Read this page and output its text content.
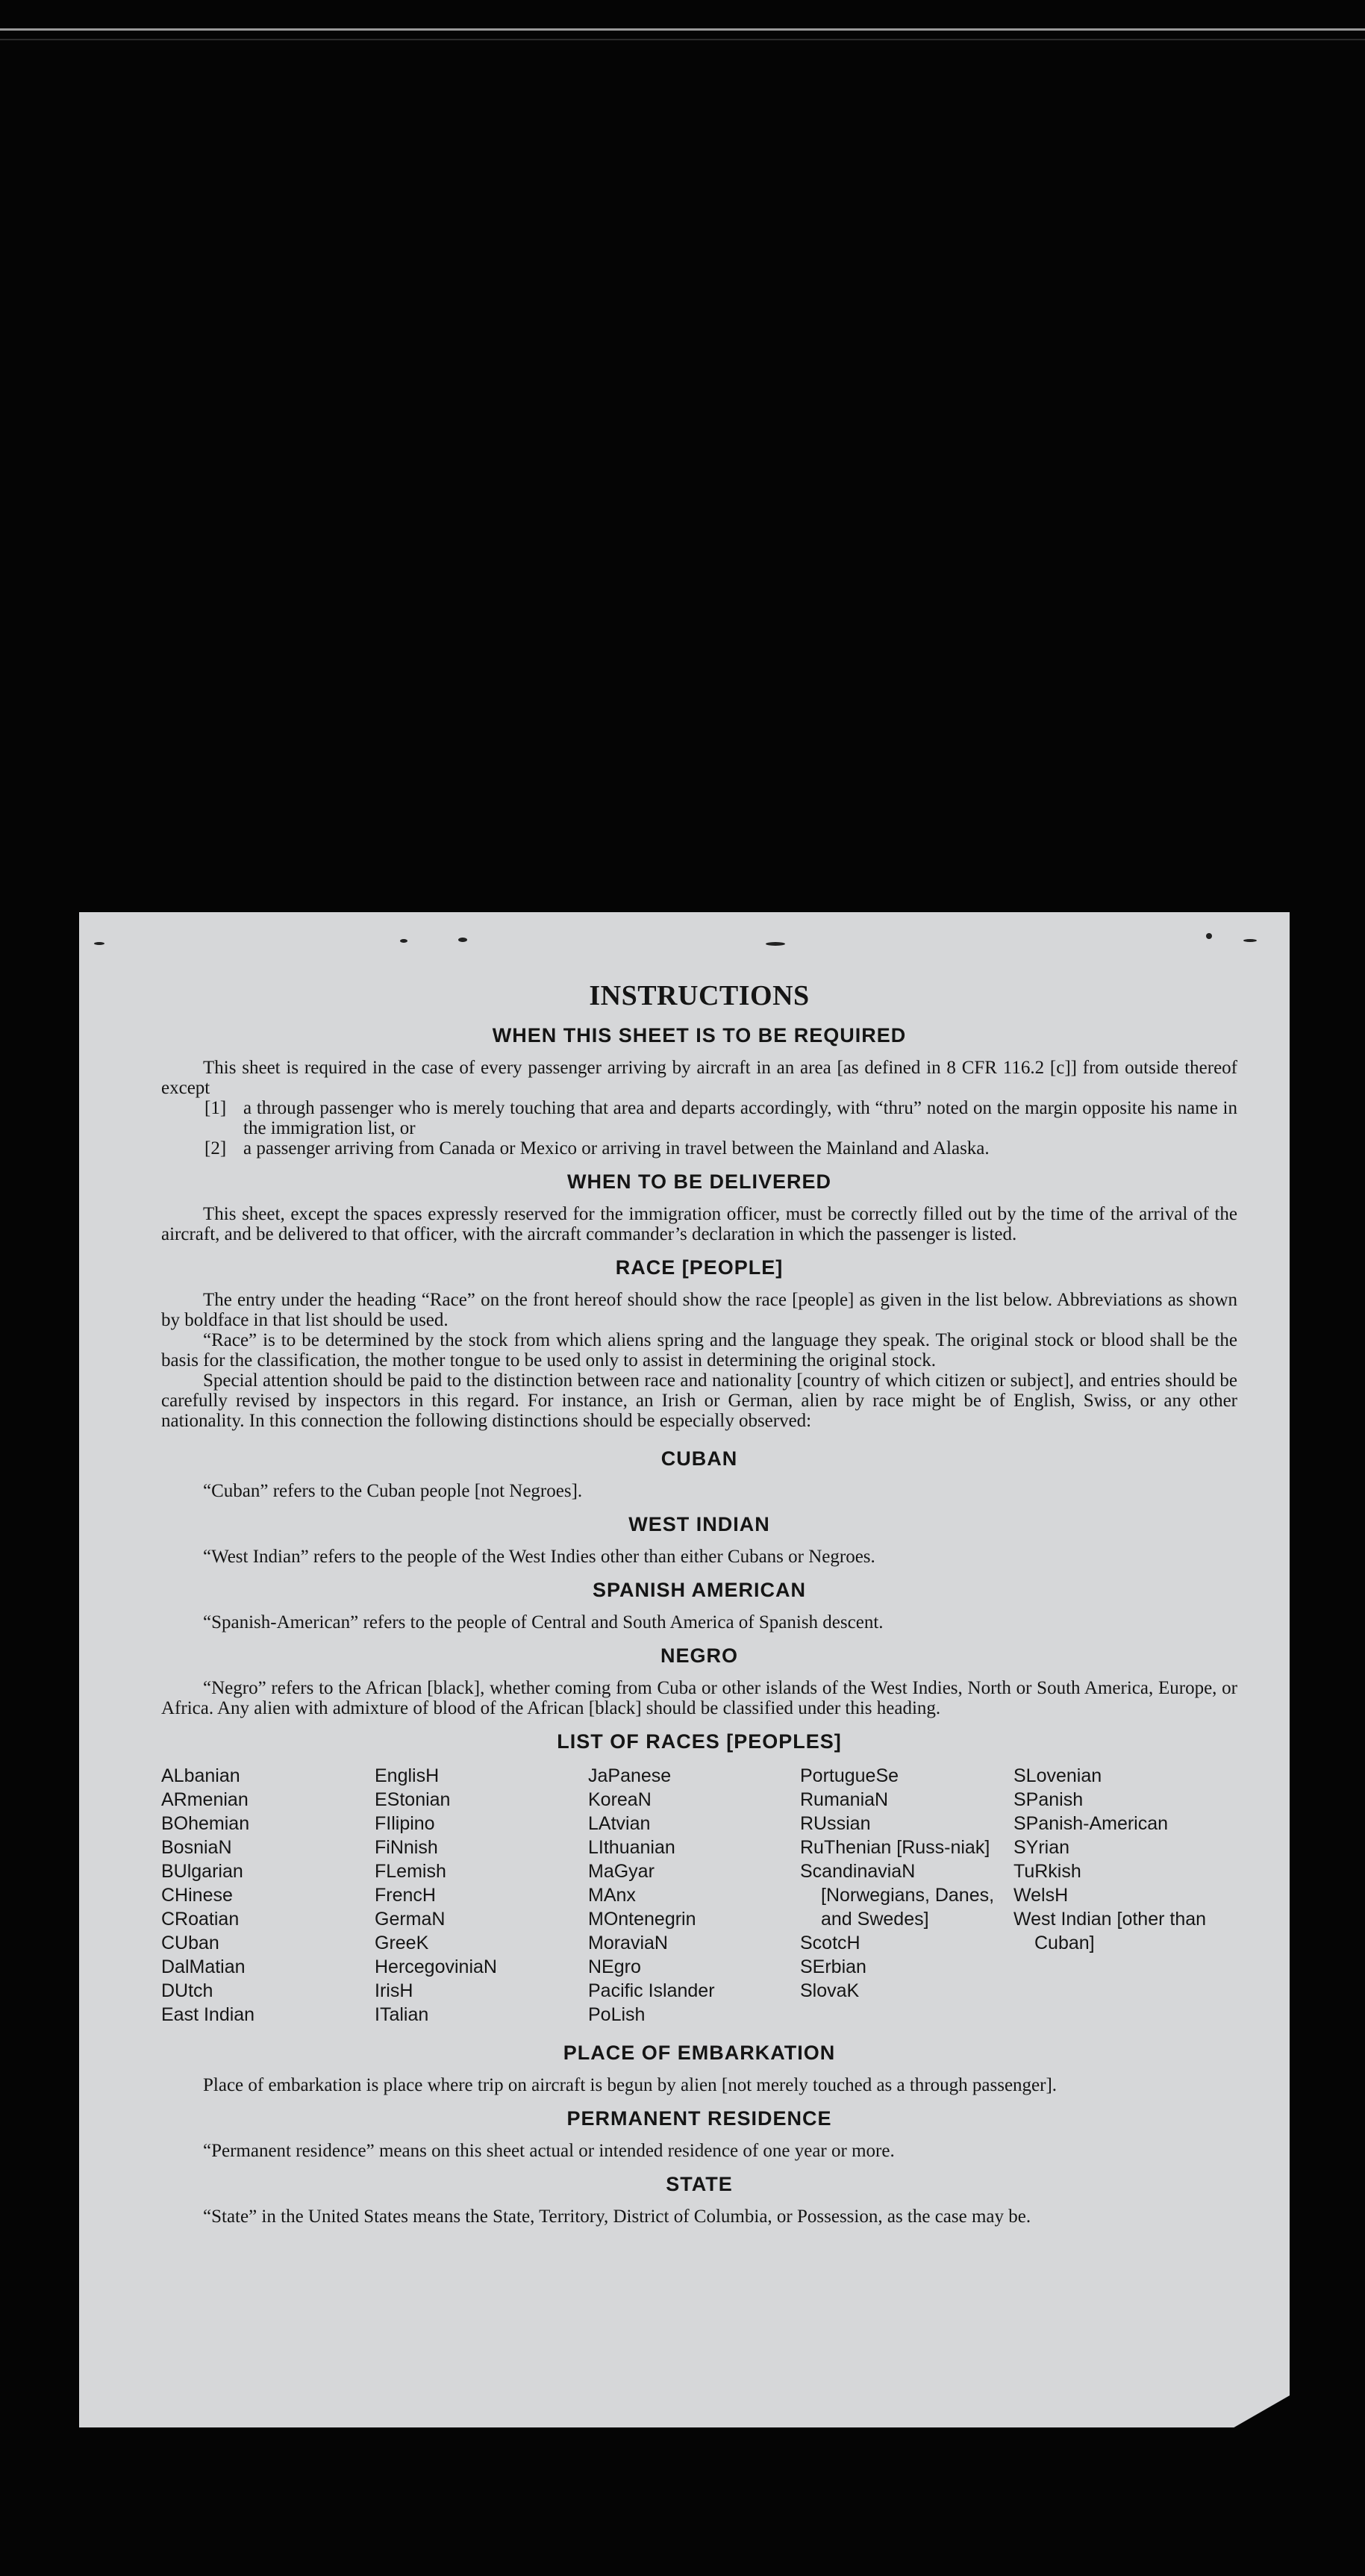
INSTRUCTIONS
WHEN THIS SHEET IS TO BE REQUIRED

This sheet is required in the case of every passenger arriving by aircraft in an area [as defined in 8 CFR 116.2 [c]] from outside thereof except

[1] a through passenger who is merely touching that area and departs accordingly, with “thru” noted on the margin opposite his name in the immigration list, or
[2] a passenger arriving from Canada or Mexico or arriving in travel between the Mainland and Alaska.
WHEN TO BE DELIVERED

This sheet, except the spaces expressly reserved for the immigration officer, must be correctly filled out by the time of the arrival of the aircraft, and be delivered to that officer, with the aircraft commander’s declaration in which the passenger is listed.

RACE [PEOPLE]

The entry under the heading “Race” on the front hereof should show the race [people] as given in the list below. Abbreviations as shown by boldface in that list should be used.

“Race” is to be determined by the stock from which aliens spring and the language they speak. The original stock or blood shall be the basis for the classification, the mother tongue to be used only to assist in determining the original stock.

Special attention should be paid to the distinction between race and nationality [country of which citizen or subject], and entries should be carefully revised by inspectors in this regard. For instance, an Irish or German, alien by race might be of English, Swiss, or any other nationality. In this connection the following distinctions should be especially observed:

CUBAN

“Cuban” refers to the Cuban people [not Negroes].

WEST INDIAN

“West Indian” refers to the people of the West Indies other than either Cubans or Negroes.

SPANISH AMERICAN

“Spanish-American” refers to the people of Central and South America of Spanish descent.

NEGRO

“Negro” refers to the African [black], whether coming from Cuba or other islands of the West Indies, North or South America, Europe, or Africa. Any alien with admixture of blood of the African [black] should be classified under this heading.

LIST OF RACES [PEOPLES]
ALbanian
ARmenian
BOhemian
BosniaN
BUlgarian
CHinese
CRoatian
CUban
DalMatian
DUtch
East Indian
EnglisH
EStonian
FIlipino
FiNnish
FLemish
FrencH
GermaN
GreeK
HercegoviniaN
IrisH
ITalian
JaPanese
KoreaN
LAtvian
LIthuanian
MaGyar
MAnx
MOntenegrin
MoraviaN
NEgro
Pacific Islander
PoLish
PortugueSe
RumaniaN
RUssian
RuThenian [Russ-niak]
ScandinaviaN [Norwegians, Danes, and Swedes]
ScotcH
SErbian
SlovaK
SLovenian
SPanish
SPanish-American
SYrian
TuRkish
WelsH
West Indian [other than Cuban]
PLACE OF EMBARKATION

Place of embarkation is place where trip on aircraft is begun by alien [not merely touched as a through passenger].

PERMANENT RESIDENCE

“Permanent residence” means on this sheet actual or intended residence of one year or more.

STATE

“State” in the United States means the State, Territory, District of Columbia, or Possession, as the case may be.
